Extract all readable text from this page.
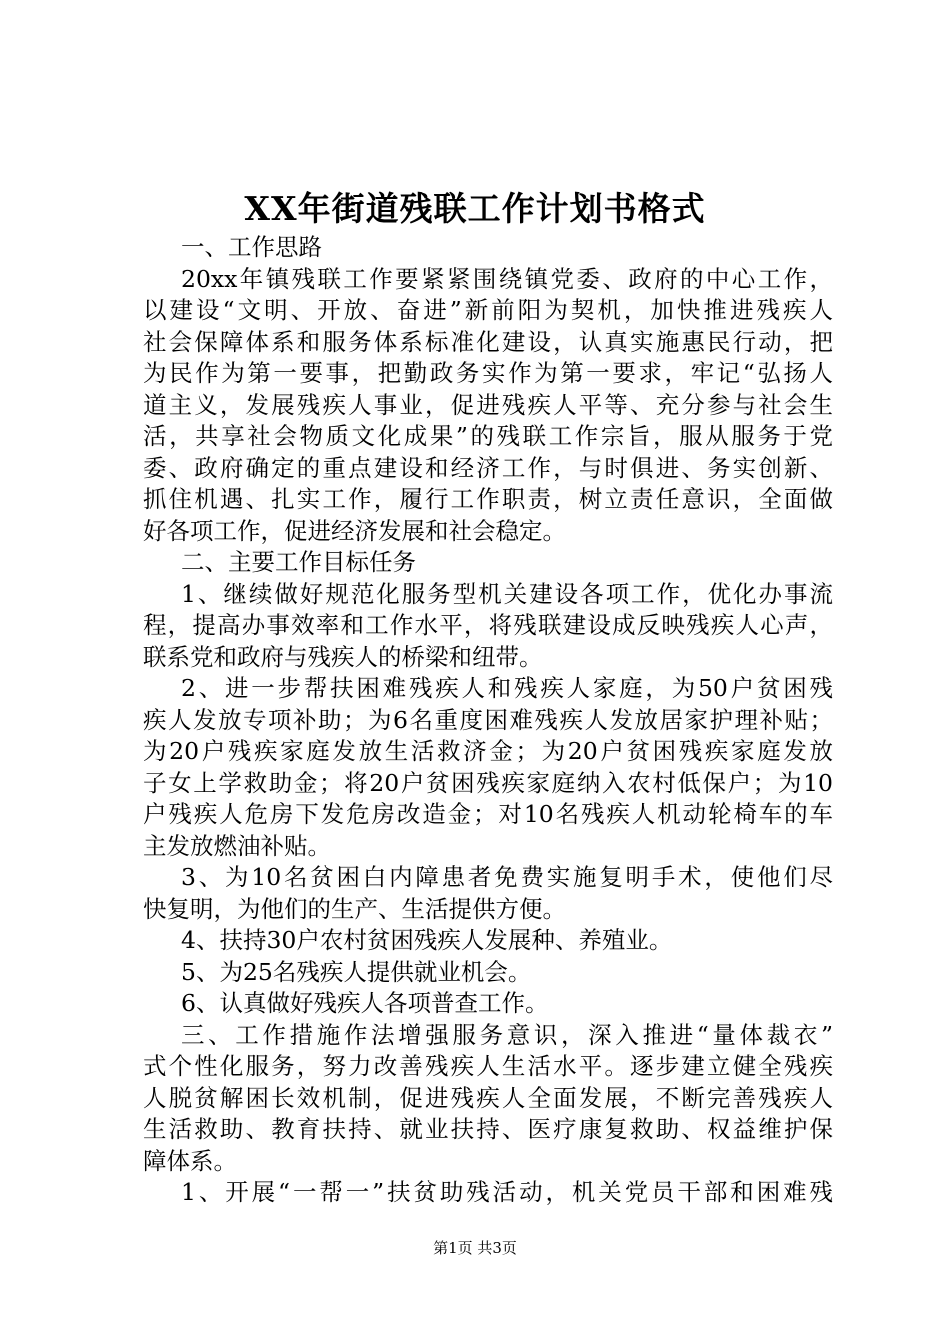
XX年街道残联工作计划书格式
一、工作思路
20xx年镇残联工作要紧紧围绕镇党委、政府的中心工作，
以建设“文明、开放、奋进”新前阳为契机，加快推进残疾人
社会保障体系和服务体系标准化建设，认真实施惠民行动，把
为民作为第一要事，把勤政务实作为第一要求，牢记“弘扬人
道主义，发展残疾人事业，促进残疾人平等、充分参与社会生
活，共享社会物质文化成果”的残联工作宗旨，服从服务于党
委、政府确定的重点建设和经济工作，与时俱进、务实创新、
抓住机遇、扎实工作，履行工作职责，树立责任意识，全面做
好各项工作，促进经济发展和社会稳定。
二、主要工作目标任务
1、继续做好规范化服务型机关建设各项工作，优化办事流
程，提高办事效率和工作水平，将残联建设成反映残疾人心声，
联系党和政府与残疾人的桥梁和纽带。
2、进一步帮扶困难残疾人和残疾人家庭，为50户贫困残
疾人发放专项补助；为6名重度困难残疾人发放居家护理补贴；
为20户残疾家庭发放生活救济金；为20户贫困残疾家庭发放
子女上学救助金；将20户贫困残疾家庭纳入农村低保户；为10
户残疾人危房下发危房改造金；对10名残疾人机动轮椅车的车
主发放燃油补贴。
3、为10名贫困白内障患者免费实施复明手术，使他们尽
快复明，为他们的生产、生活提供方便。
4、扶持30户农村贫困残疾人发展种、养殖业。
5、为25名残疾人提供就业机会。
6、认真做好残疾人各项普查工作。
三、工作措施作法增强服务意识，深入推进“量体裁衣”
式个性化服务，努力改善残疾人生活水平。逐步建立健全残疾
人脱贫解困长效机制，促进残疾人全面发展，不断完善残疾人
生活救助、教育扶持、就业扶持、医疗康复救助、权益维护保
障体系。
1、开展“一帮一”扶贫助残活动，机关党员干部和困难残
第1页 共3页
